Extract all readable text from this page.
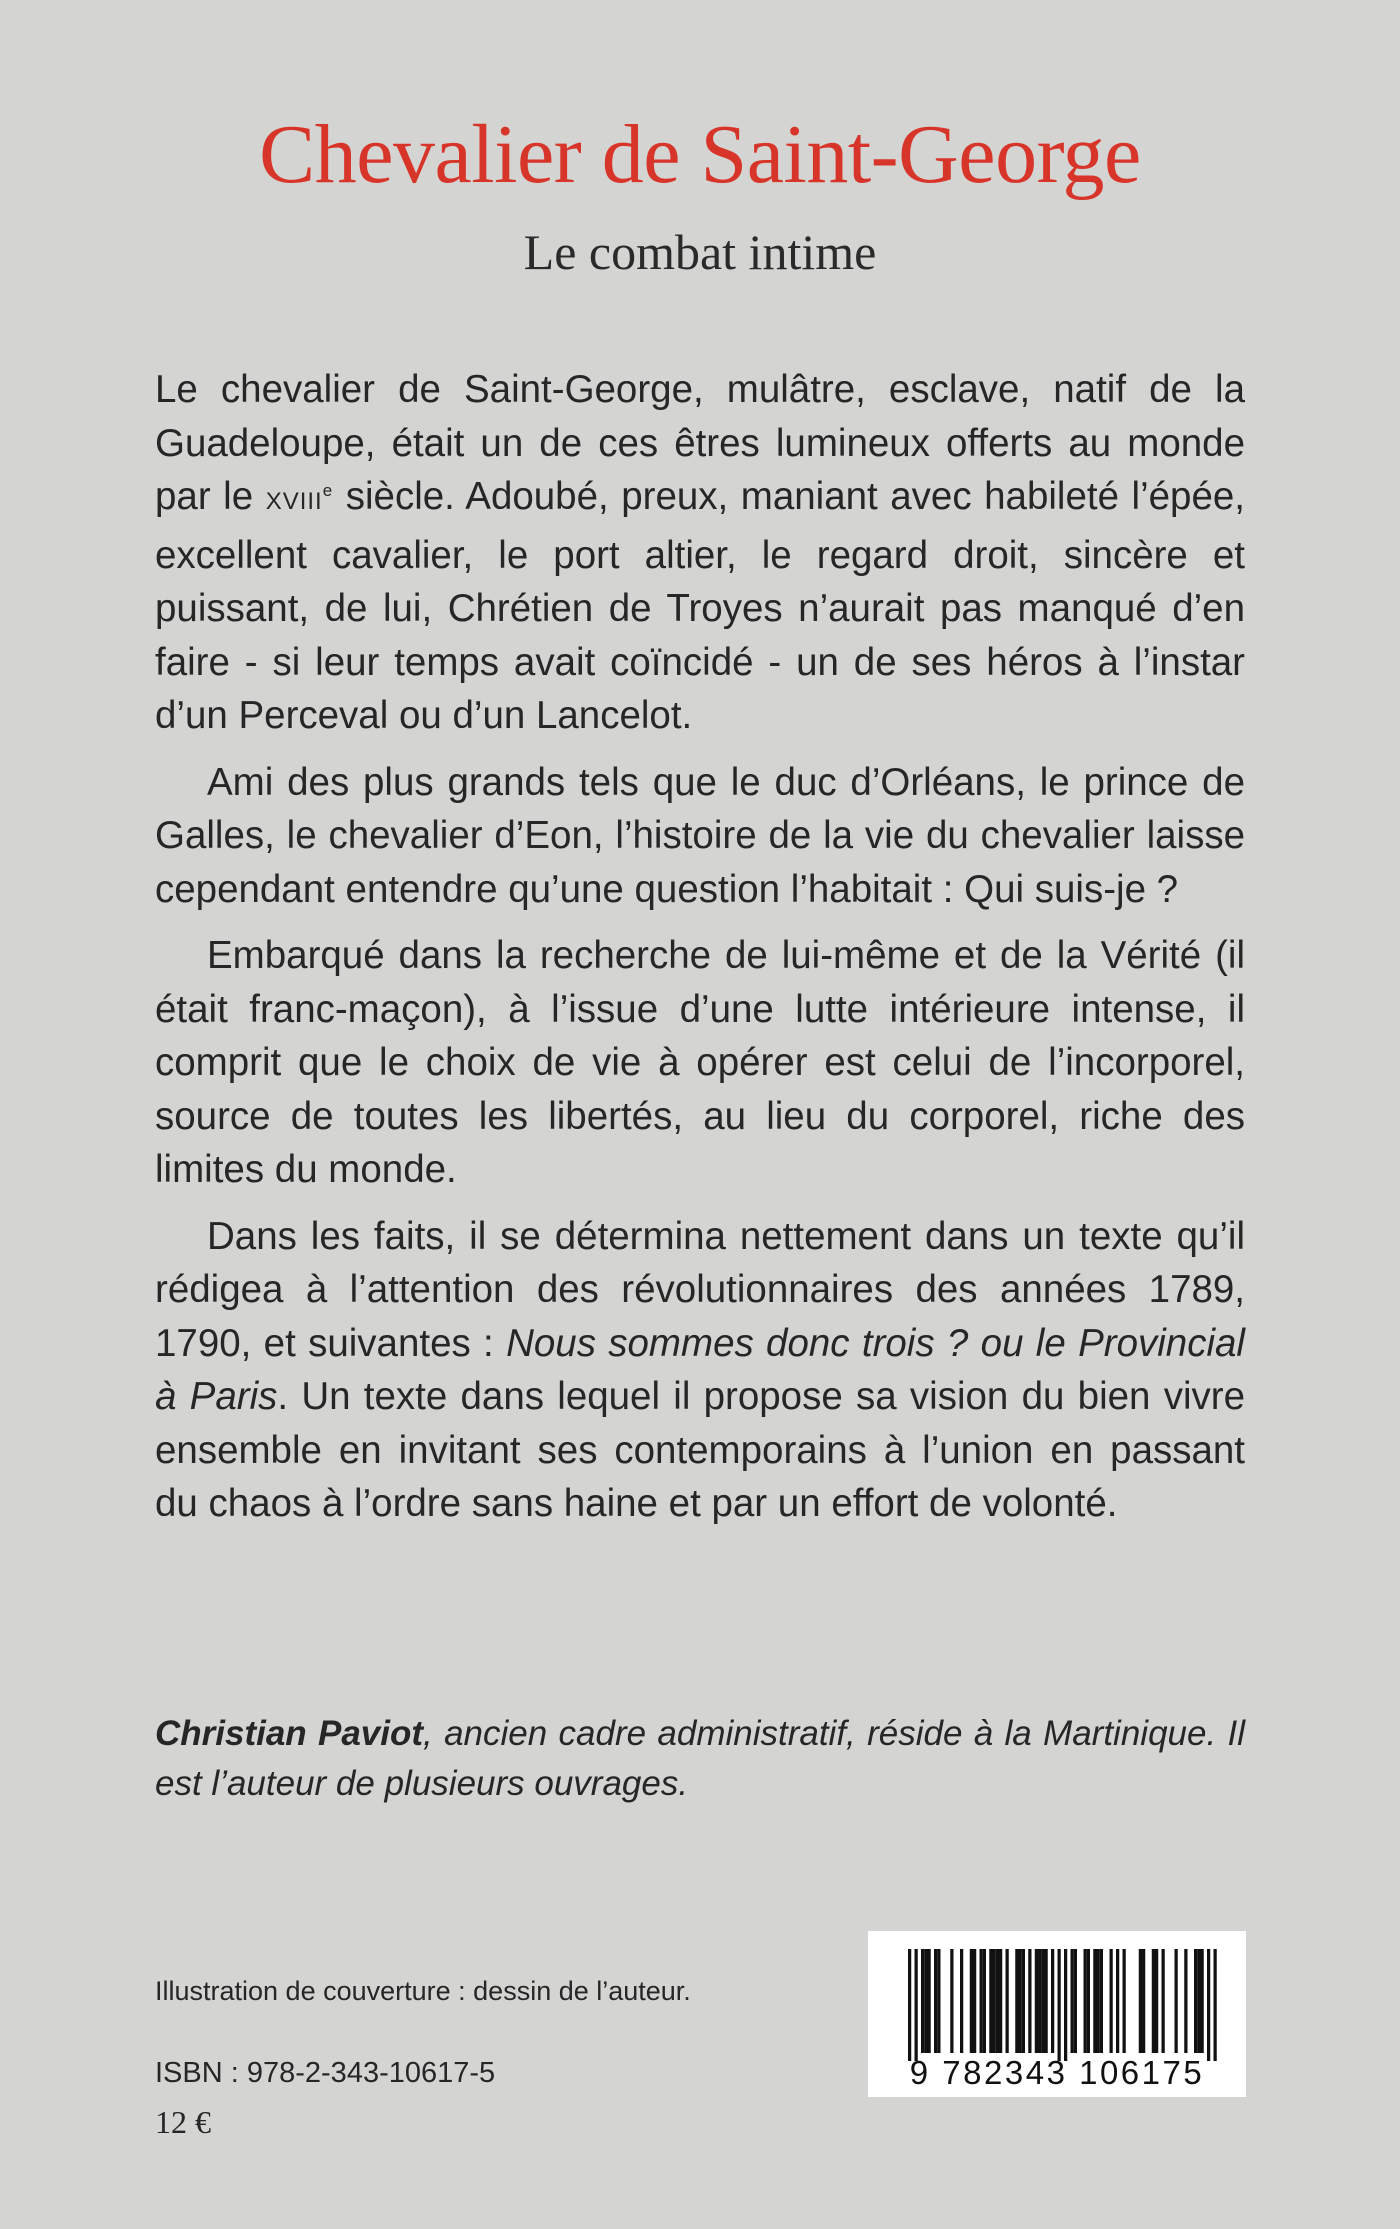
Chevalier de Saint-George
Le combat intime

Le chevalier de Saint-George, mulâtre, esclave, natif de la Guadeloupe, était un de ces êtres lumineux offerts au monde par le XVIIIe siècle. Adoubé, preux, maniant avec habileté l’épée, excellent cavalier, le port altier, le regard droit, sincère et puissant, de lui, Chrétien de Troyes n’aurait pas manqué d’en faire - si leur temps avait coïncidé - un de ses héros à l’instar d’un Perceval ou d’un Lancelot.

Ami des plus grands tels que le duc d’Orléans, le prince de Galles, le chevalier d’Eon, l’histoire de la vie du chevalier laisse cependant entendre qu’une question l’habitait : Qui suis-je ?

Embarqué dans la recherche de lui-même et de la Vérité (il était franc-maçon), à l’issue d’une lutte intérieure intense, il comprit que le choix de vie à opérer est celui de l’incorporel, source de toutes les libertés, au lieu du corporel, riche des limites du monde.

Dans les faits, il se détermina nettement dans un texte qu’il rédigea à l’attention des révolutionnaires des années 1789, 1790, et suivantes : Nous sommes donc trois ? ou le Provincial à Paris. Un texte dans lequel il propose sa vision du bien vivre ensemble en invitant ses contemporains à l’union en passant du chaos à l’ordre sans haine et par un effort de volonté.

Christian Paviot, ancien cadre administratif, réside à la Martinique. Il est l’auteur de plusieurs ouvrages.
Illustration de couverture : dessin de l’auteur.
ISBN : 978-2-343-10617-5
12 €
9 782343 106175
